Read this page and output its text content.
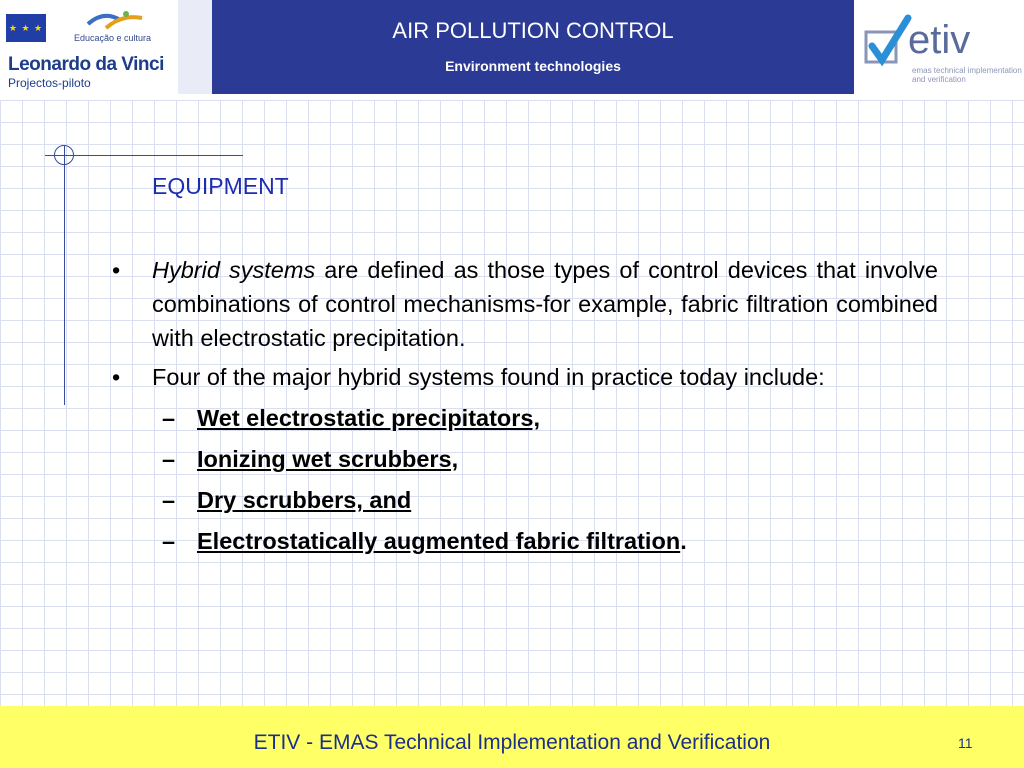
★ ★ ★
Educação e cultura
Leonardo da Vinci
Projectos-piloto
AIR POLLUTION CONTROL
Environment technologies
etiv
emas technical implementation and verification
EQUIPMENT
• Hybrid systems are defined as those types of control devices that involve combinations of control mechanisms-for example, fabric filtration combined with electrostatic precipitation.
• Four of the major hybrid systems found in practice today include:
– Wet electrostatic precipitators,
– Ionizing wet scrubbers,
– Dry scrubbers, and
– Electrostatically augmented fabric filtration.
ETIV - EMAS Technical Implementation and Verification	11
